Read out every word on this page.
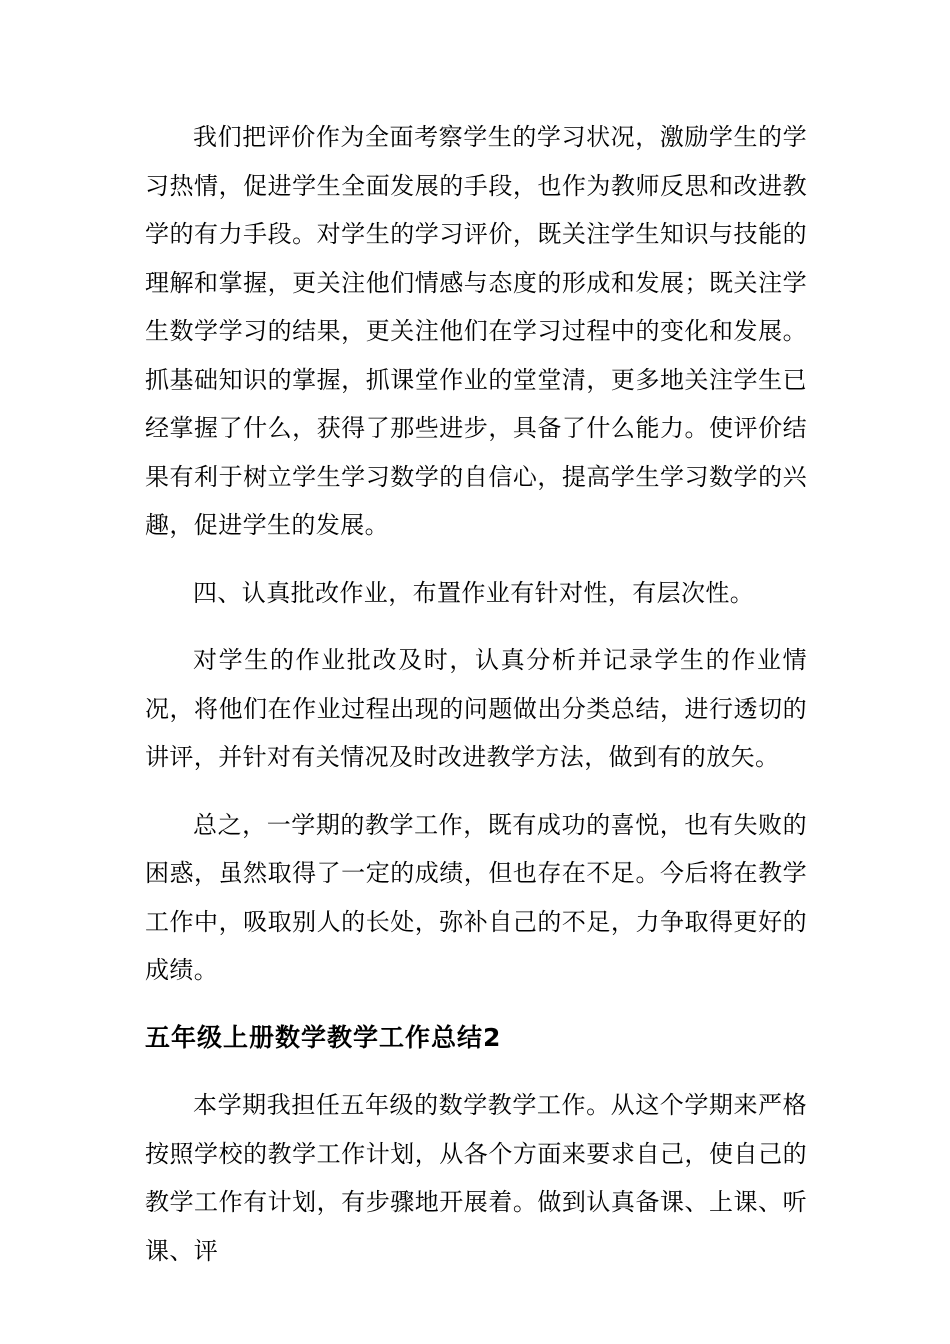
我们把评价作为全面考察学生的学习状况，激励学生的学习热情，促进学生全面发展的手段，也作为教师反思和改进教学的有力手段。对学生的学习评价，既关注学生知识与技能的理解和掌握，更关注他们情感与态度的形成和发展；既关注学生数学学习的结果，更关注他们在学习过程中的变化和发展。抓基础知识的掌握，抓课堂作业的堂堂清，更多地关注学生已经掌握了什么，获得了那些进步，具备了什么能力。使评价结果有利于树立学生学习数学的自信心，提高学生学习数学的兴趣，促进学生的发展。

四、认真批改作业，布置作业有针对性，有层次性。

对学生的作业批改及时，认真分析并记录学生的作业情况，将他们在作业过程出现的问题做出分类总结，进行透切的讲评，并针对有关情况及时改进教学方法，做到有的放矢。

总之，一学期的教学工作，既有成功的喜悦，也有失败的困惑，虽然取得了一定的成绩，但也存在不足。今后将在教学工作中，吸取别人的长处，弥补自己的不足，力争取得更好的成绩。

五年级上册数学教学工作总结2

本学期我担任五年级的数学教学工作。从这个学期来严格按照学校的教学工作计划，从各个方面来要求自己，使自己的教学工作有计划，有步骤地开展着。做到认真备课、上课、听课、评
